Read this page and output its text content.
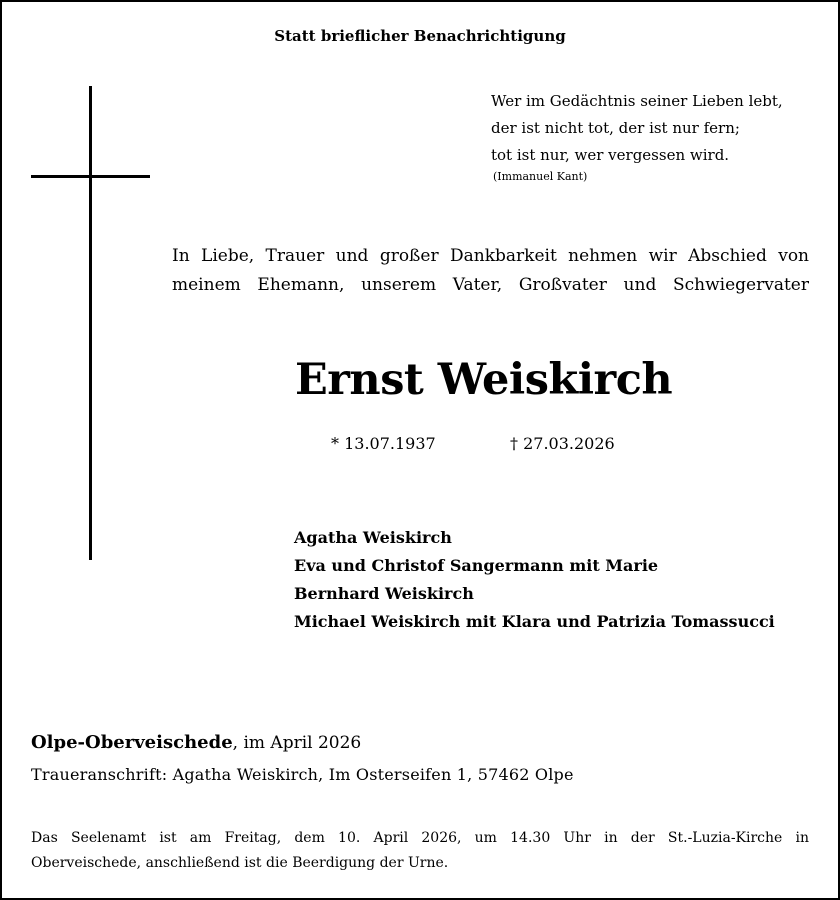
Statt brieflicher Benachrichtigung
Wer im Gedächtnis seiner Lieben lebt,
der ist nicht tot, der ist nur fern;
tot ist nur, wer vergessen wird.
(Immanuel Kant)
In Liebe, Trauer und großer Dankbarkeit nehmen wir Abschied von
meinem Ehemann, unserem Vater, Großvater und Schwiegervater
Ernst Weiskirch
* 13.07.1937	† 27.03.2026
Agatha Weiskirch
Eva und Christof Sangermann mit Marie
Bernhard Weiskirch
Michael Weiskirch mit Klara und Patrizia Tomassucci
Olpe-Oberveischede, im April 2026
Traueranschrift: Agatha Weiskirch, Im Osterseifen 1, 57462 Olpe
Das Seelenamt ist am Freitag, dem 10. April 2026, um 14.30 Uhr in der St.-Luzia-Kirche in
Oberveischede, anschließend ist die Beerdigung der Urne.
